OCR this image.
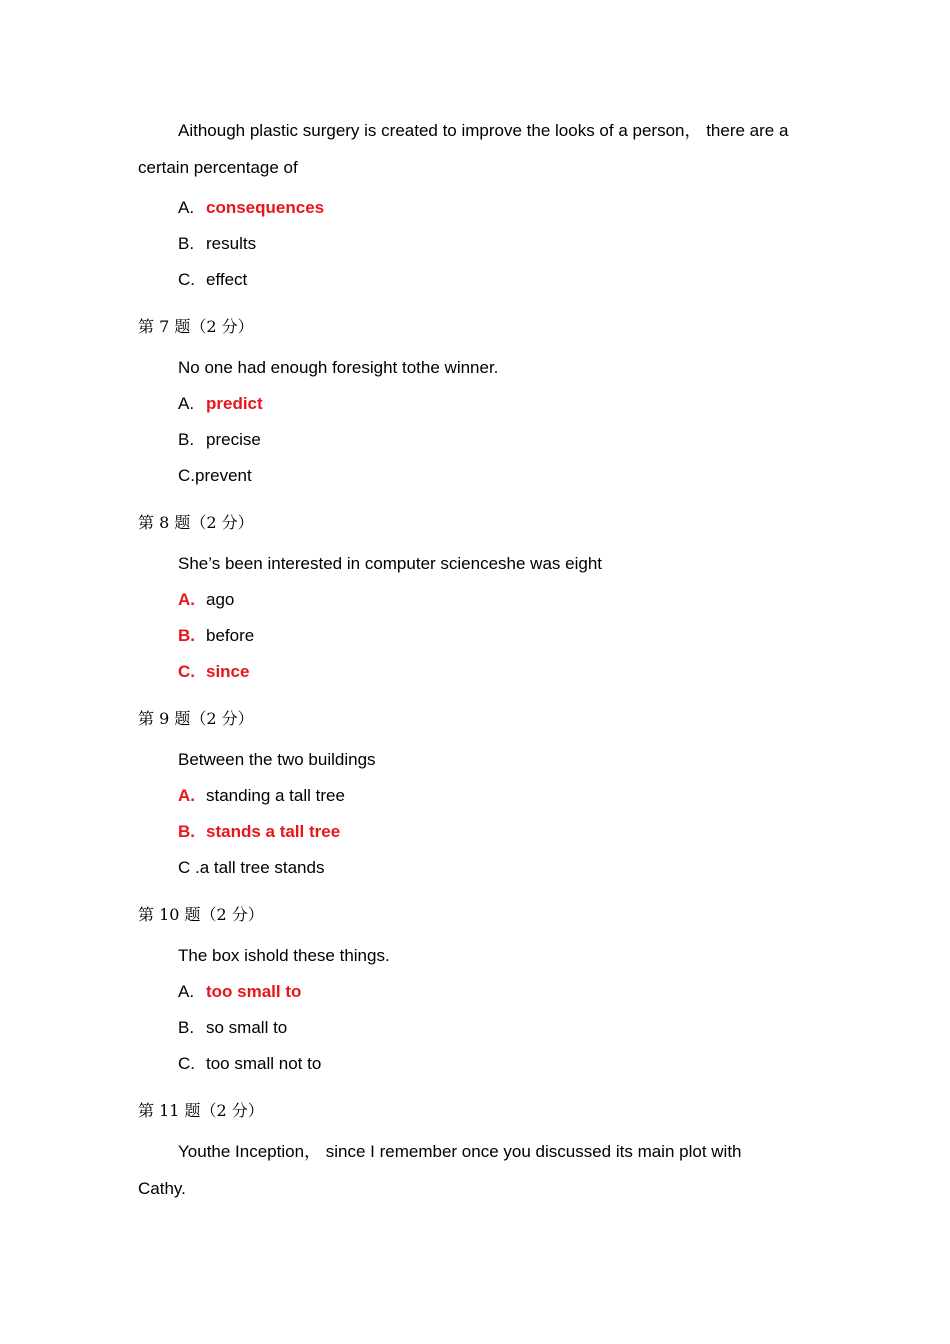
Aithough plastic surgery is created to improve the looks of a person， there are a
certain percentage of
A. consequences
B. results
C. effect
第 7 题（2 分）
No one had enough foresight tothe winner.
A. predict
B. precise
C.prevent
第 8 题（2 分）
She’s been interested in computer scienceshe was eight
A. ago
B. before
C. since
第 9 题（2 分）
Between the two buildings
A. standing a tall tree
B. stands a tall tree
C .a tall tree stands
第 10 题（2 分）
The box ishold these things.
A. too small to
B. so small to
C. too small not to
第 11 题（2 分）
Youthe Inception， since I remember once you discussed its main plot with
Cathy.
